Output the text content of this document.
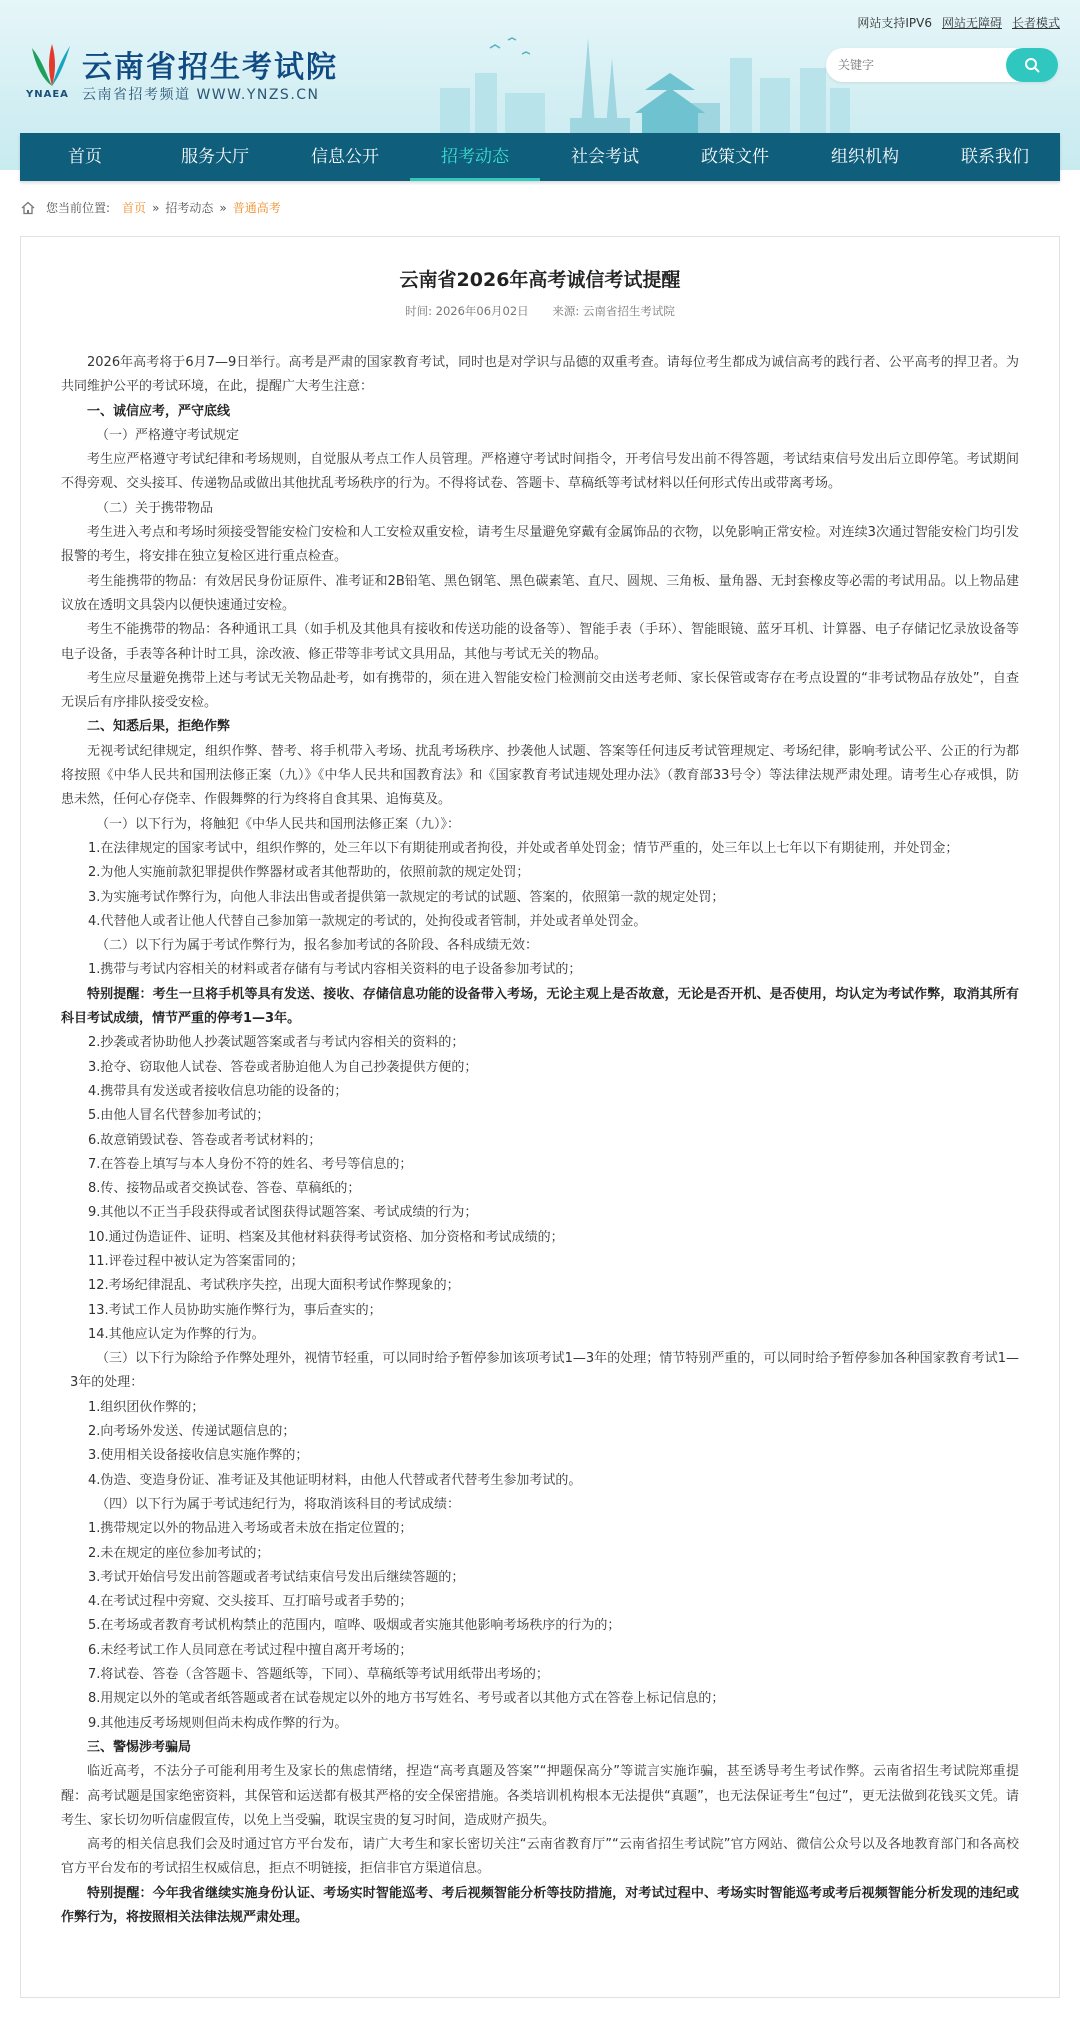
YNAEA
云南省招生考试院
云南省招考频道 WWW.YNZS.CN
网站支持IPV6 网站无障碍 长者模式
关键字
首页	服务大厅	信息公开	招考动态	社会考试	政策文件	组织机构	联系我们
您当前位置: 首页 » 招考动态 » 普通高考
云南省2026年高考诚信考试提醒
时间: 2026年06月02日 来源: 云南省招生考试院

2026年高考将于6月7—9日举行。高考是严肃的国家教育考试，同时也是对学识与品德的双重考查。请每位考生都成为诚信高考的践行者、公平高考的捍卫者。为共同维护公平的考试环境，在此，提醒广大考生注意：

一、诚信应考，严守底线

（一）严格遵守考试规定

考生应严格遵守考试纪律和考场规则，自觉服从考点工作人员管理。严格遵守考试时间指令，开考信号发出前不得答题，考试结束信号发出后立即停笔。考试期间不得旁观、交头接耳、传递物品或做出其他扰乱考场秩序的行为。不得将试卷、答题卡、草稿纸等考试材料以任何形式传出或带离考场。

（二）关于携带物品

考生进入考点和考场时须接受智能安检门安检和人工安检双重安检，请考生尽量避免穿戴有金属饰品的衣物，以免影响正常安检。对连续3次通过智能安检门均引发报警的考生，将安排在独立复检区进行重点检查。

考生能携带的物品：有效居民身份证原件、准考证和2B铅笔、黑色钢笔、黑色碳素笔、直尺、圆规、三角板、量角器、无封套橡皮等必需的考试用品。以上物品建议放在透明文具袋内以便快速通过安检。

考生不能携带的物品：各种通讯工具（如手机及其他具有接收和传送功能的设备等）、智能手表（手环）、智能眼镜、蓝牙耳机、计算器、电子存储记忆录放设备等电子设备，手表等各种计时工具，涂改液、修正带等非考试文具用品，其他与考试无关的物品。

考生应尽量避免携带上述与考试无关物品赴考，如有携带的，须在进入智能安检门检测前交由送考老师、家长保管或寄存在考点设置的“非考试物品存放处”，自查无误后有序排队接受安检。

二、知悉后果，拒绝作弊

无视考试纪律规定，组织作弊、替考、将手机带入考场、扰乱考场秩序、抄袭他人试题、答案等任何违反考试管理规定、考场纪律，影响考试公平、公正的行为都将按照《中华人民共和国刑法修正案（九）》《中华人民共和国教育法》和《国家教育考试违规处理办法》（教育部33号令）等法律法规严肃处理。请考生心存戒惧，防患未然，任何心存侥幸、作假舞弊的行为终将自食其果、追悔莫及。

（一）以下行为，将触犯《中华人民共和国刑法修正案（九）》：

1.在法律规定的国家考试中，组织作弊的，处三年以下有期徒刑或者拘役，并处或者单处罚金；情节严重的，处三年以上七年以下有期徒刑，并处罚金；

2.为他人实施前款犯罪提供作弊器材或者其他帮助的，依照前款的规定处罚；

3.为实施考试作弊行为，向他人非法出售或者提供第一款规定的考试的试题、答案的，依照第一款的规定处罚；

4.代替他人或者让他人代替自己参加第一款规定的考试的，处拘役或者管制，并处或者单处罚金。

（二）以下行为属于考试作弊行为，报名参加考试的各阶段、各科成绩无效：

1.携带与考试内容相关的材料或者存储有与考试内容相关资料的电子设备参加考试的；

特别提醒：考生一旦将手机等具有发送、接收、存储信息功能的设备带入考场，无论主观上是否故意，无论是否开机、是否使用，均认定为考试作弊，取消其所有科目考试成绩，情节严重的停考1—3年。

2.抄袭或者协助他人抄袭试题答案或者与考试内容相关的资料的；

3.抢夺、窃取他人试卷、答卷或者胁迫他人为自己抄袭提供方便的；

4.携带具有发送或者接收信息功能的设备的；

5.由他人冒名代替参加考试的；

6.故意销毁试卷、答卷或者考试材料的；

7.在答卷上填写与本人身份不符的姓名、考号等信息的；

8.传、接物品或者交换试卷、答卷、草稿纸的；

9.其他以不正当手段获得或者试图获得试题答案、考试成绩的行为；

10.通过伪造证件、证明、档案及其他材料获得考试资格、加分资格和考试成绩的；

11.评卷过程中被认定为答案雷同的；

12.考场纪律混乱、考试秩序失控，出现大面积考试作弊现象的；

13.考试工作人员协助实施作弊行为，事后查实的；

14.其他应认定为作弊的行为。

（三）以下行为除给予作弊处理外，视情节轻重，可以同时给予暂停参加该项考试1—3年的处理；情节特别严重的，可以同时给予暂停参加各种国家教育考试1—3年的处理：

1.组织团伙作弊的；

2.向考场外发送、传递试题信息的；

3.使用相关设备接收信息实施作弊的；

4.伪造、变造身份证、准考证及其他证明材料，由他人代替或者代替考生参加考试的。

（四）以下行为属于考试违纪行为，将取消该科目的考试成绩：

1.携带规定以外的物品进入考场或者未放在指定位置的；

2.未在规定的座位参加考试的；

3.考试开始信号发出前答题或者考试结束信号发出后继续答题的；

4.在考试过程中旁窥、交头接耳、互打暗号或者手势的；

5.在考场或者教育考试机构禁止的范围内，喧哗、吸烟或者实施其他影响考场秩序的行为的；

6.未经考试工作人员同意在考试过程中擅自离开考场的；

7.将试卷、答卷（含答题卡、答题纸等，下同）、草稿纸等考试用纸带出考场的；

8.用规定以外的笔或者纸答题或者在试卷规定以外的地方书写姓名、考号或者以其他方式在答卷上标记信息的；

9.其他违反考场规则但尚未构成作弊的行为。

三、警惕涉考骗局

临近高考，不法分子可能利用考生及家长的焦虑情绪，捏造“高考真题及答案”“押题保高分”等谎言实施诈骗，甚至诱导考生考试作弊。云南省招生考试院郑重提醒：高考试题是国家绝密资料，其保管和运送都有极其严格的安全保密措施。各类培训机构根本无法提供“真题”，也无法保证考生“包过”，更无法做到花钱买文凭。请考生、家长切勿听信虚假宣传，以免上当受骗，耽误宝贵的复习时间，造成财产损失。

高考的相关信息我们会及时通过官方平台发布，请广大考生和家长密切关注“云南省教育厅”“云南省招生考试院”官方网站、微信公众号以及各地教育部门和各高校官方平台发布的考试招生权威信息，拒点不明链接，拒信非官方渠道信息。

特别提醒：今年我省继续实施身份认证、考场实时智能巡考、考后视频智能分析等技防措施，对考试过程中、考场实时智能巡考或考后视频智能分析发现的违纪或作弊行为，将按照相关法律法规严肃处理。
